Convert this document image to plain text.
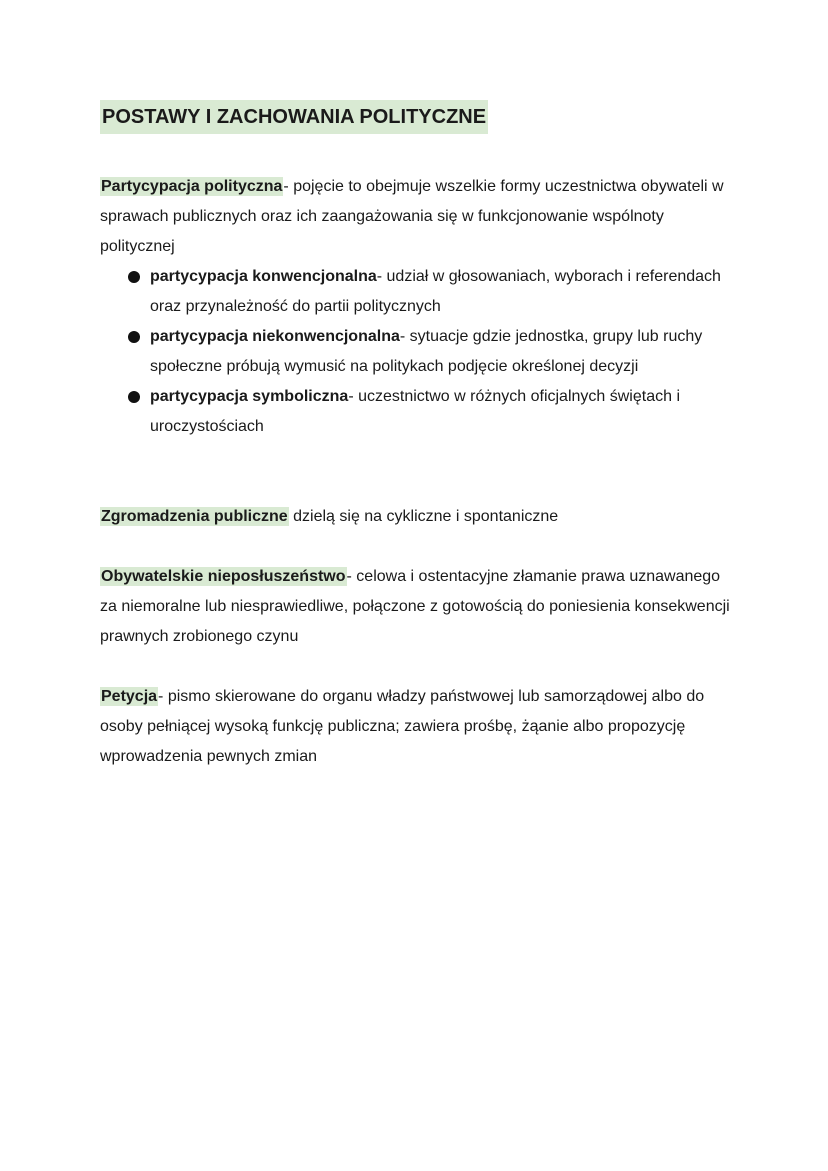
POSTAWY I ZACHOWANIA POLITYCZNE

Partycypacja polityczna- pojęcie to obejmuje wszelkie formy uczestnictwa obywateli w sprawach publicznych oraz ich zaangażowania się w funkcjonowanie wspólnoty politycznej

partycypacja konwencjonalna- udział w głosowaniach, wyborach i referendach oraz przynależność do partii politycznych
partycypacja niekonwencjonalna- sytuacje gdzie jednostka, grupy lub ruchy społeczne próbują wymusić na politykach podjęcie określonej decyzji
partycypacja symboliczna- uczestnictwo w różnych oficjalnych świętach i uroczystościach

Zgromadzenia publiczne dzielą się na cykliczne i spontaniczne

Obywatelskie nieposłuszeństwo- celowa i ostentacyjne złamanie prawa uznawanego za niemoralne lub niesprawiedliwe, połączone z gotowością do poniesienia konsekwencji prawnych zrobionego czynu

Petycja- pismo skierowane do organu władzy państwowej lub samorządowej albo do osoby pełniącej wysoką funkcję publiczna; zawiera prośbę, żąanie albo propozycję wprowadzenia pewnych zmian
